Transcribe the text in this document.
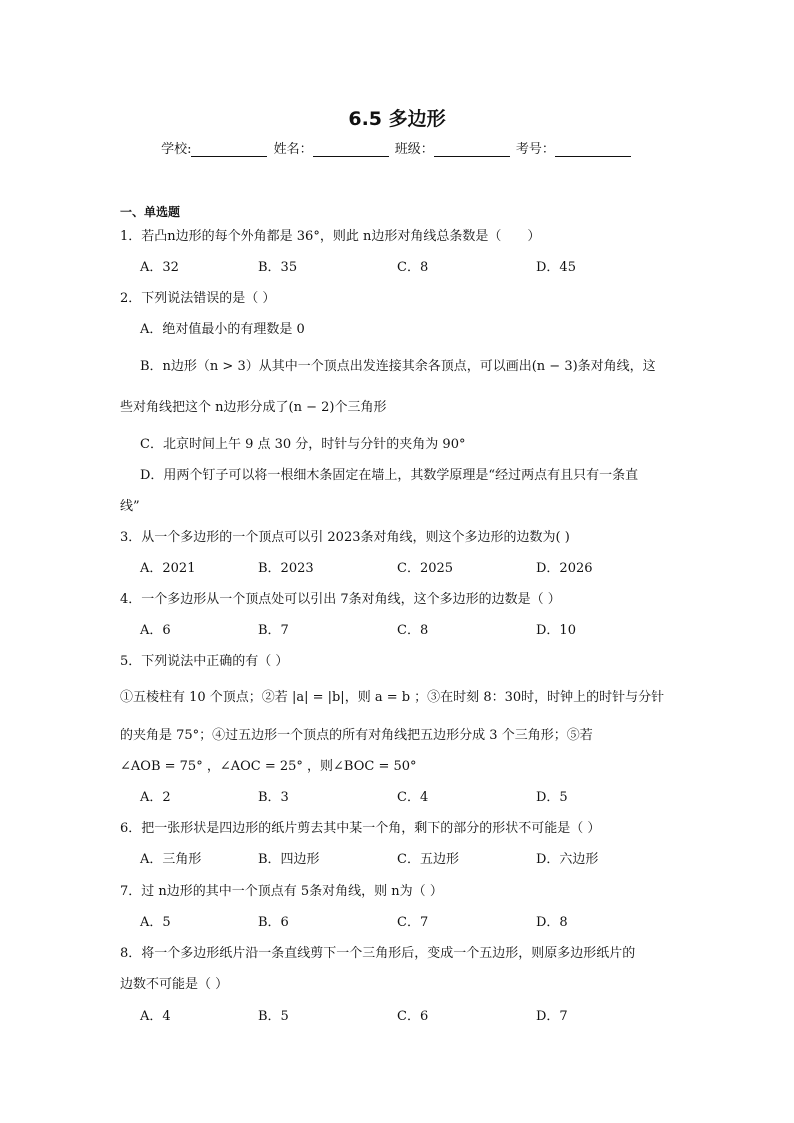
6.5 多边形
学校:	姓名：	班级：	考号：
一、单选题
1．若凸n边形的每个外角都是 36°，则此 n边形对角线总条数是（　　）
A．32	B．35	C．8	D．45
2．下列说法错误的是（ ）
A．绝对值最小的有理数是 0
B．n边形（n > 3）从其中一个顶点出发连接其余各顶点，可以画出(n − 3)条对角线，这
些对角线把这个 n边形分成了(n − 2)个三角形
C．北京时间上午 9 点 30 分，时针与分针的夹角为 90°
D．用两个钉子可以将一根细木条固定在墙上，其数学原理是“经过两点有且只有一条直
线”
3．从一个多边形的一个顶点可以引 2023条对角线，则这个多边形的边数为( )
A．2021	B．2023	C．2025	D．2026
4．一个多边形从一个顶点处可以引出 7条对角线，这个多边形的边数是（ ）
A．6	B．7	C．8	D．10
5．下列说法中正确的有（ ）
①五棱柱有 10 个顶点；②若 |a| = |b|，则 a = b ；③在时刻 8：30时，时钟上的时针与分针
的夹角是 75°；④过五边形一个顶点的所有对角线把五边形分成 3 个三角形；⑤若
∠AOB = 75° ，∠AOC = 25° ，则∠BOC = 50°
A．2	B．3	C．4	D．5
6．把一张形状是四边形的纸片剪去其中某一个角，剩下的部分的形状不可能是（ ）
A．三角形	B．四边形	C．五边形	D．六边形
7．过 n边形的其中一个顶点有 5条对角线，则 n为（ ）
A．5	B．6	C．7	D．8
8．将一个多边形纸片沿一条直线剪下一个三角形后，变成一个五边形，则原多边形纸片的
边数不可能是（ ）
A．4	B．5	C．6	D．7
